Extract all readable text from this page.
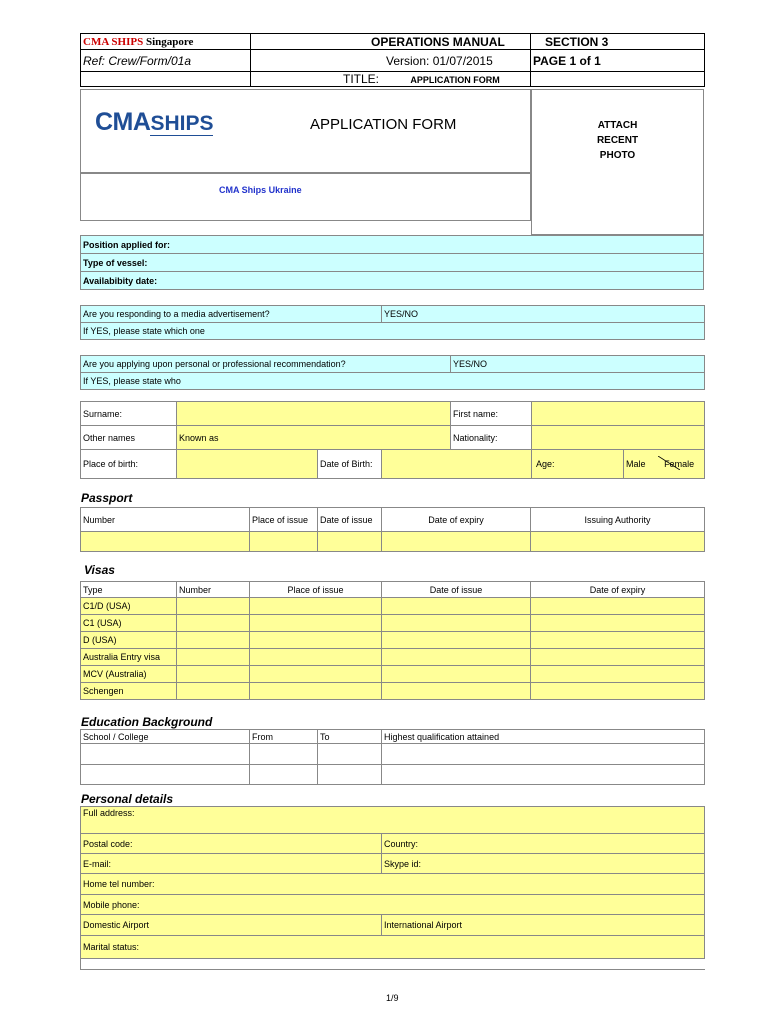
CMA SHIPS Singapore	OPERATIONS MANUAL	SECTION 3
Ref: Crew/Form/01a	Version: 01/07/2015	PAGE 1 of 1
	TITLE: APPLICATION FORM	
CMASHIPS	APPLICATION FORM	ATTACH
RECENT
PHOTO
CMA Ships Ukraine
Position applied for:
Type of vessel:
Availabibity date:
Are you responding to a media advertisement?	YES/NO
If YES, please state which one
Are you applying upon personal or professional recommendation?	YES/NO
If YES, please state who
Surname:				First name:		
Other names	Known as			Nationality:		
Place of birth:		Date of Birth:			Age:	Male Female
Passport
Number	Place of issue	Date of issue	Date of expiry	Issuing Authority

Visas
Type	Number	Place of issue	Date of issue	Date of expiry
C1/D (USA)				
C1 (USA)				
D (USA)				
Australia Entry visa				
MCV (Australia)				
Schengen				
Education Background
School / College	From	To	Highest qualification attained

Personal details
Full address:	
Postal code:	Country:
E-mail:	Skype id:
Home tel number:	
Mobile phone:	
Domestic Airport	International Airport
Marital status:	

1/9
